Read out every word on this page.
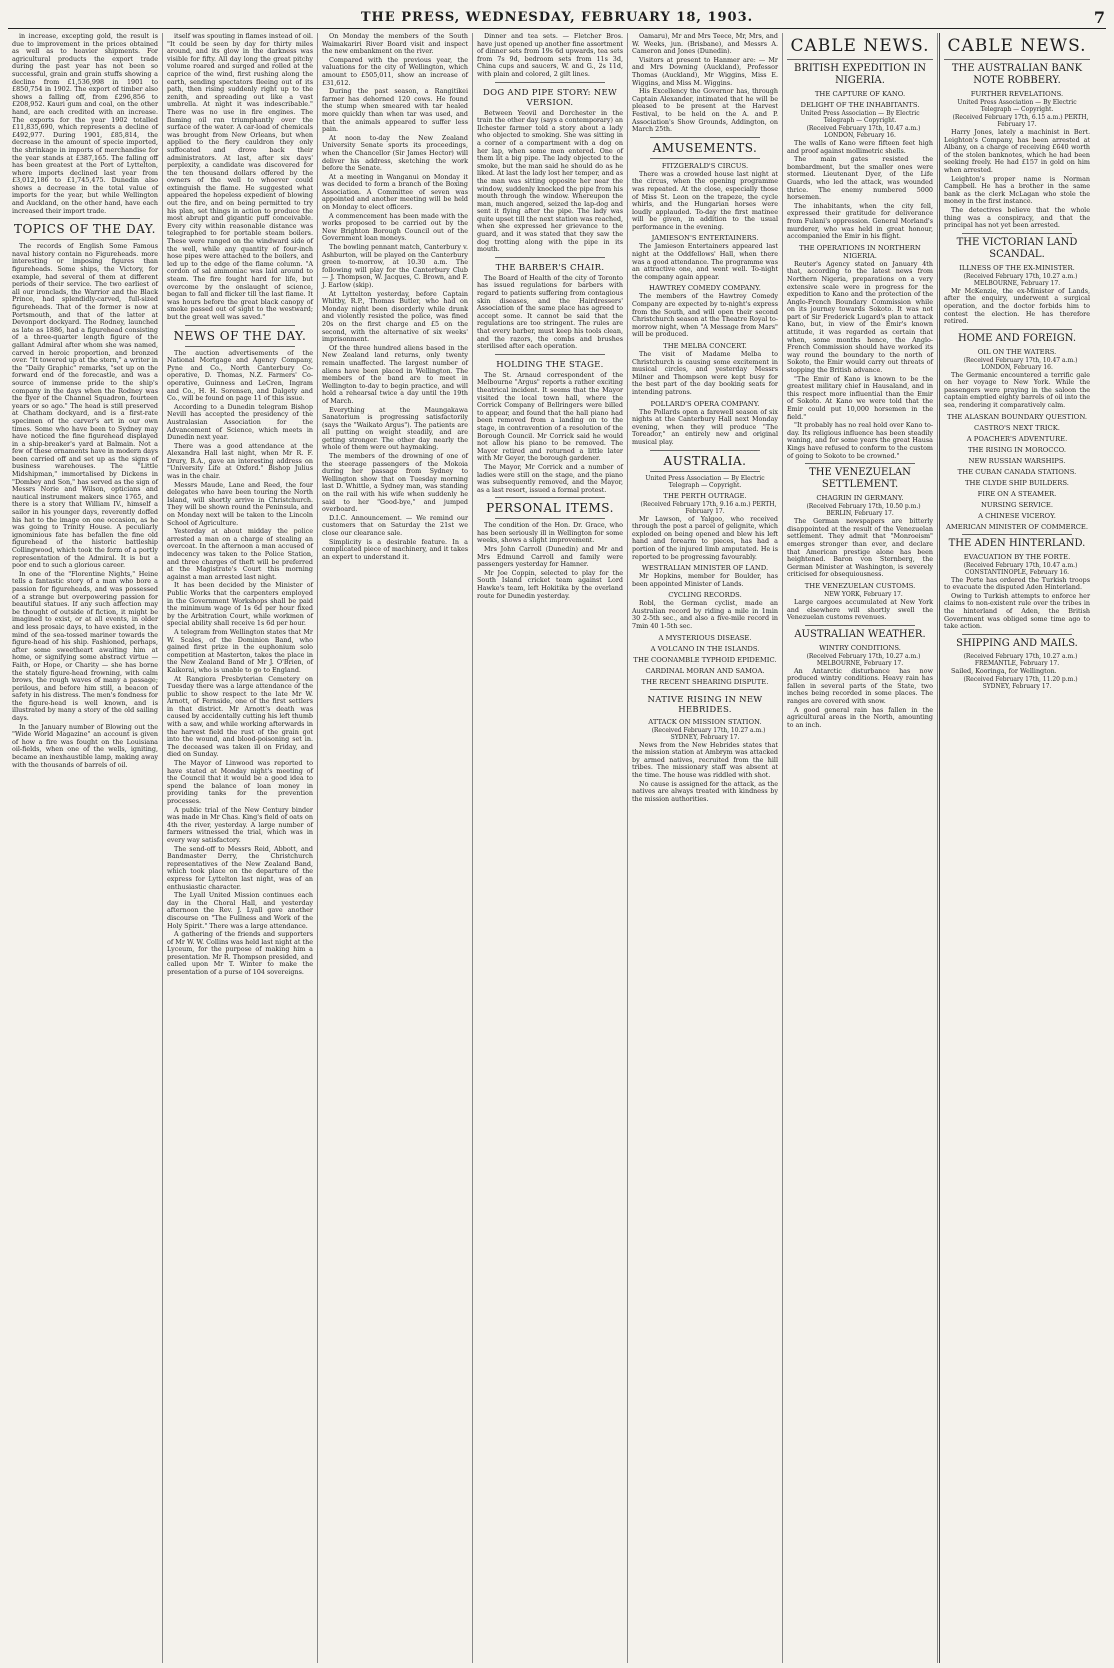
THE PRESS, WEDNESDAY, FEBRUARY 18, 1903.	7

in increase, excepting gold, the result is due to improvement in the prices obtained as well as to heavier shipments. For agricultural products the export trade during the past year has not been so successful, grain and grain stuffs showing a decline from £1,536,998 in 1901 to £850,754 in 1902. The export of timber also shows a falling off, from £296,856 to £208,952. Kauri gum and coal, on the other hand, are each credited with an increase. The exports for the year 1902 totalled £11,835,690, which represents a decline of £492,977. During 1901, £85,814, the decrease in the amount of specie imported, the shrinkage in imports of merchandise for the year stands at £387,165. The falling off has been greatest at the Port of Lyttelton, where imports declined last year from £3,012,186 to £1,745,475. Dunedin also shows a decrease in the total value of imports for the year, but while Wellington and Auckland, on the other hand, have each increased their import trade.

TOPICS OF THE DAY.

The records of English Some Famous naval history contain no Figureheads. more interesting or imposing figures than figureheads. Some ships, the Victory, for example, had several of them at different periods of their service. The two earliest of all our ironclads, the Warrior and the Black Prince, had splendidly-carved, full-sized figureheads. That of the former is now at Portsmouth, and that of the latter at Devonport dockyard. The Rodney, launched as late as 1886, had a figurehead consisting of a three-quarter length figure of the gallant Admiral after whom she was named, carved in heroic proportion, and bronzed over. "It towered up at the stern," a writer in the "Daily Graphic" remarks, "set up on the forward end of the forecastle, and was a source of immense pride to the ship's company in the days when the Rodney was the flyer of the Channel Squadron, fourteen years or so ago." The head is still preserved at Chatham dockyard, and is a first-rate specimen of the carver's art in our own times. Some who have been to Sydney may have noticed the fine figurehead displayed in a ship-breaker's yard at Balmain. Not a few of these ornaments have in modern days been carried off and set up as the signs of business warehouses. The "Little Midshipman," immortalised by Dickens in "Dombey and Son," has served as the sign of Messrs Norie and Wilson, opticians and nautical instrument makers since 1765, and there is a story that William IV., himself a sailor in his younger days, reverently doffed his hat to the image on one occasion, as he was going to Trinity House. A peculiarly ignominious fate has befallen the fine old figurehead of the historic battleship Collingwood, which took the form of a portly representation of the Admiral. It is but a poor end to such a glorious career.

In one of the "Florentine Nights," Heine tells a fantastic story of a man who bore a passion for figureheads, and was possessed of a strange but overpowering passion for beautiful statues. If any such affection may be thought of outside of fiction, it might be imagined to exist, or at all events, in older and less prosaic days, to have existed, in the mind of the sea-tossed mariner towards the figure-head of his ship. Fashioned, perhaps, after some sweetheart awaiting him at home, or signifying some abstract virtue — Faith, or Hope, or Charity — she has borne the stately figure-head frowning, with calm brows, the rough waves of many a passage; perilous, and before him still, a beacon of safety in his distress. The men's fondness for the figure-head is well known, and is illustrated by many a story of the old sailing days.

In the January number of Blowing out the "Wide World Magazine" an account is given of how a fire was fought on the Louisiana oil-fields, when one of the wells, igniting, became an inexhaustible lamp, making away with the thousands of barrels of oil.

itself was spouting in flames instead of oil. "It could be seen by day for thirty miles around, and its glow in the darkness was visible for fifty. All day long the great pitchy volume roared and surged and rolled at the caprice of the wind, first rushing along the earth, sending spectators fleeing out of its path, then rising suddenly right up to the zenith, and spreading out like a vast umbrella. At night it was indescribable." There was no use in fire engines. The flaming oil ran triumphantly over the surface of the water. A car-load of chemicals was brought from New Orleans, but when applied to the fiery cauldron they only suffocated and drove back their administrators. At last, after six days' perplexity, a candidate was discovered for the ten thousand dollars offered by the owners of the well to whoever could extinguish the flame. He suggested what appeared the hopeless expedient of blowing out the fire, and on being permitted to try his plan, set things in action to produce the most abrupt and gigantic puff conceivable. Every city within reasonable distance was telegraphed to for portable steam boilers. These were ranged on the windward side of the well, while any quantity of four-inch hose pipes were attached to the boilers, and led up to the edge of the flame column. "A cordon of sal ammoniac was laid around to steam. The fire fought hard for life, but overcome by the onslaught of science, began to fall and flicker till the last flame. It was hours before the great black canopy of smoke passed out of sight to the westward; but the great well was saved."

NEWS OF THE DAY.

The auction advertisements of the National Mortgage and Agency Company, Pyne and Co., North Canterbury Co-operative, D. Thomas, N.Z. Farmers' Co-operative, Guinness and LeCren, Ingram and Co., H. H. Sorensen, and Dalgety and Co., will be found on page 11 of this issue.

According to a Dunedin telegram Bishop Nevill has accepted the presidency of the Australasian Association for the Advancement of Science, which meets in Dunedin next year.

There was a good attendance at the Alexandra Hall last night, when Mr R. F. Drury, B.A., gave an interesting address on "University Life at Oxford." Bishop Julius was in the chair.

Messrs Maude, Lane and Reed, the four delegates who have been touring the North Island, will shortly arrive in Christchurch. They will be shown round the Peninsula, and on Monday next will be taken to the Lincoln School of Agriculture.

Yesterday at about midday the police arrested a man on a charge of stealing an overcoat. In the afternoon a man accused of indecency was taken to the Police Station, and three charges of theft will be preferred at the Magistrate's Court this morning against a man arrested last night.

It has been decided by the Minister of Public Works that the carpenters employed in the Government Workshops shall be paid the minimum wage of 1s 6d per hour fixed by the Arbitration Court, while workmen of special ability shall receive 1s 6d per hour.

A telegram from Wellington states that Mr W. Scales, of the Dominion Band, who gained first prize in the euphonium solo competition at Masterton, takes the place in the New Zealand Band of Mr J. O'Brien, of Kaikorai, who is unable to go to England.

At Rangiora Presbyterian Cemetery on Tuesday there was a large attendance of the public to show respect to the late Mr W. Arnott, of Fernside, one of the first settlers in that district. Mr Arnott's death was caused by accidentally cutting his left thumb with a saw, and while working afterwards in the harvest field the rust of the grain got into the wound, and blood-poisoning set in. The deceased was taken ill on Friday, and died on Sunday.

The Mayor of Linwood was reported to have stated at Monday night's meeting of the Council that it would be a good idea to spend the balance of loan money in providing tanks for the prevention processes.

A public trial of the New Century binder was made in Mr Chas. King's field of oats on 4th the river, yesterday. A large number of farmers witnessed the trial, which was in every way satisfactory.

The send-off to Messrs Reid, Abbott, and Bandmaster Derry, the Christchurch representatives of the New Zealand Band, which took place on the departure of the express for Lyttelton last night, was of an enthusiastic character.

The Lyall United Mission continues each day in the Choral Hall, and yesterday afternoon the Rev. J. Lyall gave another discourse on "The Fullness and Work of the Holy Spirit." There was a large attendance.

A gathering of the friends and supporters of Mr W. W. Collins was held last night at the Lyceum, for the purpose of making him a presentation. Mr R. Thompson presided, and called upon Mr T. Winter to make the presentation of a purse of 104 sovereigns.

On Monday the members of the South Waimakariri River Board visit and inspect the new embankment on the river.

Compared with the previous year, the valuations for the city of Wellington, which amount to £505,011, show an increase of £31,612.

During the past season, a Rangitikei farmer has dehorned 120 cows. He found the stump when smeared with tar healed more quickly than when tar was used, and that the animals appeared to suffer less pain.

At noon to-day the New Zealand University Senate sports its proceedings, when the Chancellor (Sir James Hector) will deliver his address, sketching the work before the Senate.

At a meeting in Wanganui on Monday it was decided to form a branch of the Boxing Association. A Committee of seven was appointed and another meeting will be held on Monday to elect officers.

A commencement has been made with the works proposed to be carried out by the New Brighton Borough Council out of the Government loan moneys.

The bowling pennant match, Canterbury v. Ashburton, will be played on the Canterbury green to-morrow, at 10.30 a.m. The following will play for the Canterbury Club — J. Thompson, W. Jacques, C. Brown, and F. J. Earlow (skip).

At Lyttelton yesterday, before Captain Whitby, R.P., Thomas Butler, who had on Monday night been disorderly while drunk and violently resisted the police, was fined 20s on the first charge and £5 on the second, with the alternative of six weeks' imprisonment.

Of the three hundred aliens based in the New Zealand land returns, only twenty remain unaffected. The largest number of aliens have been placed in Wellington. The members of the band are to meet in Wellington to-day to begin practice, and will hold a rehearsal twice a day until the 19th of March.

Everything at the Maungakawa Sanatorium is progressing satisfactorily (says the "Waikato Argus"). The patients are all putting on weight steadily, and are getting stronger. The other day nearly the whole of them were out haymaking.

The members of the drowning of one of the steerage passengers of the Mokoia during her passage from Sydney to Wellington show that on Tuesday morning last D. Whittle, a Sydney man, was standing on the rail with his wife when suddenly he said to her "Good-bye," and jumped overboard.

D.I.C. Announcement. — We remind our customers that on Saturday the 21st we close our clearance sale.

Simplicity is a desirable feature. In a complicated piece of machinery, and it takes an expert to understand it.

Dinner and tea sets. — Fletcher Bros. have just opened up another fine assortment of dinner sets from 19s 6d upwards, tea sets from 7s 9d, bedroom sets from 11s 3d, China cups and saucers, W. and G., 2s 11d, with plain and colored, 2 gilt lines.

DOG AND PIPE STORY: NEW VERSION.

Between Yeovil and Dorchester in the train the other day (says a contemporary) an Ilchester farmer told a story about a lady who objected to smoking. She was sitting in a corner of a compartment with a dog on her lap, when some men entered. One of them lit a big pipe. The lady objected to the smoke, but the man said he should do as he liked. At last the lady lost her temper, and as the man was sitting opposite her near the window, suddenly knocked the pipe from his mouth through the window. Whereupon the man, much angered, seized the lap-dog and sent it flying after the pipe. The lady was quite upset till the next station was reached, when she expressed her grievance to the guard, and it was stated that they saw the dog trotting along with the pipe in its mouth.

THE BARBER'S CHAIR.

The Board of Health of the city of Toronto has issued regulations for barbers with regard to patients suffering from contagious skin diseases, and the Hairdressers' Association of the same place has agreed to accept some. It cannot be said that the regulations are too stringent. The rules are that every barber, must keep his tools clean, and the razors, the combs and brushes sterilised after each operation.

HOLDING THE STAGE.

The St. Arnaud correspondent of the Melbourne "Argus" reports a rather exciting theatrical incident. It seems that the Mayor visited the local town hall, where the Corrick Company of Bellringers were billed to appear, and found that the hall piano had been removed from a landing on to the stage, in contravention of a resolution of the Borough Council. Mr Corrick said he would not allow his piano to be removed. The Mayor retired and returned a little later with Mr Geyer, the borough gardener.

The Mayor, Mr Corrick and a number of ladies were still on the stage, and the piano was subsequently removed, and the Mayor, as a last resort, issued a formal protest.

PERSONAL ITEMS.

The condition of the Hon. Dr. Grace, who has been seriously ill in Wellington for some weeks, shows a slight improvement.

Mrs John Carroll (Dunedin) and Mr and Mrs Edmund Carroll and family were passengers yesterday for Hamner.

Mr Joe Coppin, selected to play for the South Island cricket team against Lord Hawke's team, left Hokitika by the overland route for Dunedin yesterday.

Oamaru), Mr and Mrs Teece, Mr, Mrs, and W. Weeks, jun. (Brisbane), and Messrs A. Cameron and Jones (Dunedin).

Visitors at present to Hanmer are: — Mr and Mrs Downing (Auckland), Professor Thomas (Auckland), Mr Wiggins, Miss E. Wiggins, and Miss M. Wiggins.

His Excellency the Governor has, through Captain Alexander, intimated that he will be pleased to be present at the Harvest Festival, to be held on the A. and P. Association's Show Grounds, Addington, on March 25th.

AMUSEMENTS.
FITZGERALD'S CIRCUS.

There was a crowded house last night at the circus, when the opening programme was repeated. At the close, especially those of Miss St. Leon on the trapeze, the cycle whirls, and the Hungarian horses were loudly applauded. To-day the first matinee will be given, in addition to the usual performance in the evening.

JAMIESON'S ENTERTAINERS.

The Jamieson Entertainers appeared last night at the Oddfellows' Hall, when there was a good attendance. The programme was an attractive one, and went well. To-night the company again appear.

HAWTREY COMEDY COMPANY.

The members of the Hawtrey Comedy Company are expected by to-night's express from the South, and will open their second Christchurch season at the Theatre Royal to-morrow night, when "A Message from Mars" will be produced.

THE MELBA CONCERT.

The visit of Madame Melba to Christchurch is causing some excitement in musical circles, and yesterday Messrs Milner and Thompson were kept busy for the best part of the day booking seats for intending patrons.

POLLARD'S OPERA COMPANY.

The Pollards open a farewell season of six nights at the Canterbury Hall next Monday evening, when they will produce "The Toreador," an entirely new and original musical play.

AUSTRALIA.

United Press Association — By Electric Telegraph — Copyright.

THE PERTH OUTRAGE.

(Received February 17th, 9.16 a.m.) PERTH, February 17.

Mr Lawson, of Yalgoo, who received through the post a parcel of gelignite, which exploded on being opened and blew his left hand and forearm to pieces, has had a portion of the injured limb amputated. He is reported to be progressing favourably.

WESTRALIAN MINISTER OF LAND.

Mr Hopkins, member for Boulder, has been appointed Minister of Lands.

CYCLING RECORDS.

Robl, the German cyclist, made an Australian record by riding a mile in 1min 30 2-5th sec., and also a five-mile record in 7min 40 1-5th sec.

A MYSTERIOUS DISEASE.
A VOLCANO IN THE ISLANDS.
THE COONAMBLE TYPHOID EPIDEMIC.
CARDINAL MORAN AND SAMOA.
THE RECENT SHEARING DISPUTE.
NATIVE RISING IN NEW HEBRIDES.
ATTACK ON MISSION STATION.

(Received February 17th, 10.27 a.m.) SYDNEY, February 17.

News from the New Hebrides states that the mission station at Ambrym was attacked by armed natives, recruited from the hill tribes. The missionary staff was absent at the time. The house was riddled with shot.

No cause is assigned for the attack, as the natives are always treated with kindness by the mission authorities.

CABLE NEWS.
BRITISH EXPEDITION IN NIGERIA.
THE CAPTURE OF KANO.
DELIGHT OF THE INHABITANTS.

United Press Association — By Electric Telegraph — Copyright.

(Received February 17th, 10.47 a.m.) LONDON, February 16.

The walls of Kano were fifteen feet high and proof against mollimetric shells.

The main gates resisted the bombardment, but the smaller ones were stormed. Lieutenant Dyer, of the Life Guards, who led the attack, was wounded thrice. The enemy numbered 5000 horsemen.

The inhabitants, when the city fell, expressed their gratitude for deliverance from Fulani's oppression. General Morland's murderer, who was held in great honour, accompanied the Emir in his flight.

THE OPERATIONS IN NORTHERN NIGERIA.

Reuter's Agency stated on January 4th that, according to the latest news from Northern Nigeria, preparations on a very extensive scale were in progress for the expedition to Kano and the protection of the Anglo-French Boundary Commission while on its journey towards Sokoto. It was not part of Sir Frederick Lugard's plan to attack Kano, but, in view of the Emir's known attitude, it was regarded as certain that when, some months hence, the Anglo-French Commission should have worked its way round the boundary to the north of Sokoto, the Emir would carry out threats of stopping the British advance.

"The Emir of Kano is known to be the greatest military chief in Hausaland, and in this respect more influential than the Emir of Sokoto. At Kano we were told that the Emir could put 10,000 horsemen in the field."

"It probably has no real hold over Kano to-day. Its religious influence has been steadily waning, and for some years the great Hausa Kings have refused to conform to the custom of going to Sokoto to be crowned."

THE VENEZUELAN SETTLEMENT.
CHAGRIN IN GERMANY.

(Received February 17th, 10.50 p.m.) BERLIN, February 17.

The German newspapers are bitterly disappointed at the result of the Venezuelan settlement. They admit that "Monroeism" emerges stronger than ever, and declare that American prestige alone has been heightened. Baron von Sternberg, the German Minister at Washington, is severely criticised for obsequiousness.

THE VENEZUELAN CUSTOMS.

NEW YORK, February 17.

Large cargoes accumulated at New York and elsewhere will shortly swell the Venezuelan customs revenues.

AUSTRALIAN WEATHER.
WINTRY CONDITIONS.

(Received February 17th, 10.27 a.m.) MELBOURNE, February 17.

An Antarctic disturbance has now produced wintry conditions. Heavy rain has fallen in several parts of the State, two inches being recorded in some places. The ranges are covered with snow.

A good general rain has fallen in the agricultural areas in the North, amounting to an inch.

CABLE NEWS.
THE AUSTRALIAN BANK NOTE ROBBERY.
FURTHER REVELATIONS.

United Press Association — By Electric Telegraph — Copyright.

(Received February 17th, 6.15 a.m.) PERTH, February 17.

Harry Jones, lately a machinist in Bert. Leighton's Company, has been arrested at Albany, on a charge of receiving £640 worth of the stolen banknotes, which he had been seeking freely. He had £157 in gold on him when arrested.

Leighton's proper name is Norman Campbell. He has a brother in the same bank as the clerk McLagan who stole the money in the first instance.

The detectives believe that the whole thing was a conspiracy, and that the principal has not yet been arrested.

THE VICTORIAN LAND SCANDAL.
ILLNESS OF THE EX-MINISTER.

(Received February 17th, 10.27 a.m.) MELBOURNE, February 17.

Mr McKenzie, the ex-Minister of Lands, after the enquiry, underwent a surgical operation, and the doctor forbids him to contest the election. He has therefore retired.

HOME AND FOREIGN.
OIL ON THE WATERS.

(Received February 17th, 10.47 a.m.) LONDON, February 16.

The Germanic encountered a terrific gale on her voyage to New York. While the passengers were praying in the saloon the captain emptied eighty barrels of oil into the sea, rendering it comparatively calm.

THE ALASKAN BOUNDARY QUESTION.
CASTRO'S NEXT TRICK.
A POACHER'S ADVENTURE.
THE RISING IN MOROCCO.
NEW RUSSIAN WARSHIPS.
THE CUBAN CANADA STATIONS.
THE CLYDE SHIP BUILDERS.
FIRE ON A STEAMER.
NURSING SERVICE.
A CHINESE VICEROY.
AMERICAN MINISTER OF COMMERCE.
THE ADEN HINTERLAND.
EVACUATION BY THE FORTE.

(Received February 17th, 10.47 a.m.) CONSTANTINOPLE, February 16.

The Porte has ordered the Turkish troops to evacuate the disputed Aden Hinterland.

Owing to Turkish attempts to enforce her claims to non-existent rule over the tribes in the hinterland of Aden, the British Government was obliged some time ago to take action.

SHIPPING AND MAILS.

(Received February 17th, 10.27 a.m.) FREMANTLE, February 17.

Sailed, Kooringa, for Wellington.

(Received February 17th, 11.20 p.m.) SYDNEY, February 17.
